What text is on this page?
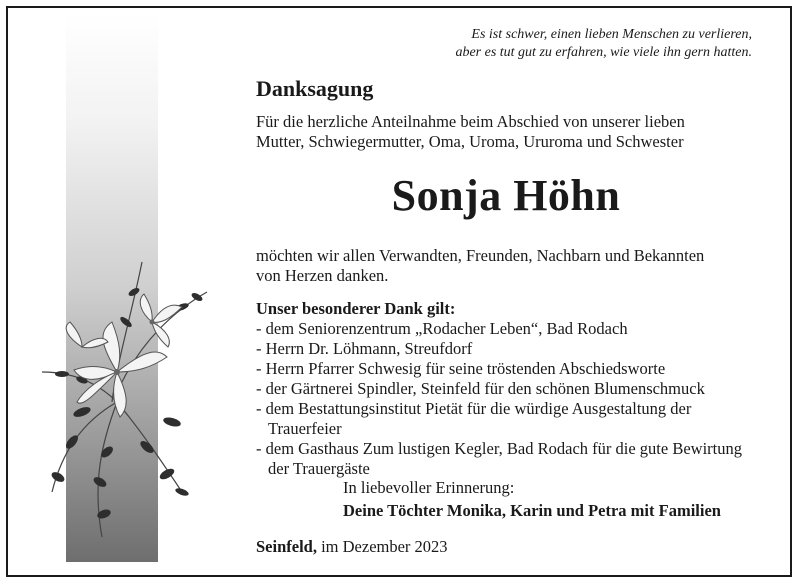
Es ist schwer, einen lieben Menschen zu verlieren,
aber es tut gut zu erfahren, wie viele ihn gern hatten.
Danksagung
Für die herzliche Anteilnahme beim Abschied von unserer lieben
Mutter, Schwiegermutter, Oma, Uroma, Ururoma und Schwester
Sonja Höhn
möchten wir allen Verwandten, Freunden, Nachbarn und Bekannten
von Herzen danken.
Unser besonderer Dank gilt:
- dem Seniorenzentrum „Rodacher Leben“, Bad Rodach
- Herrn Dr. Löhmann, Streufdorf
- Herrn Pfarrer Schwesig für seine tröstenden Abschiedsworte
- der Gärtnerei Spindler, Steinfeld für den schönen Blumenschmuck
- dem Bestattungsinstitut Pietät für die würdige Ausgestaltung der Trauerfeier
- dem Gasthaus Zum lustigen Kegler, Bad Rodach für die gute Bewirtung der Trauergäste
In liebevoller Erinnerung:
Deine Töchter Monika, Karin und Petra mit Familien
Seinfeld, im Dezember 2023
